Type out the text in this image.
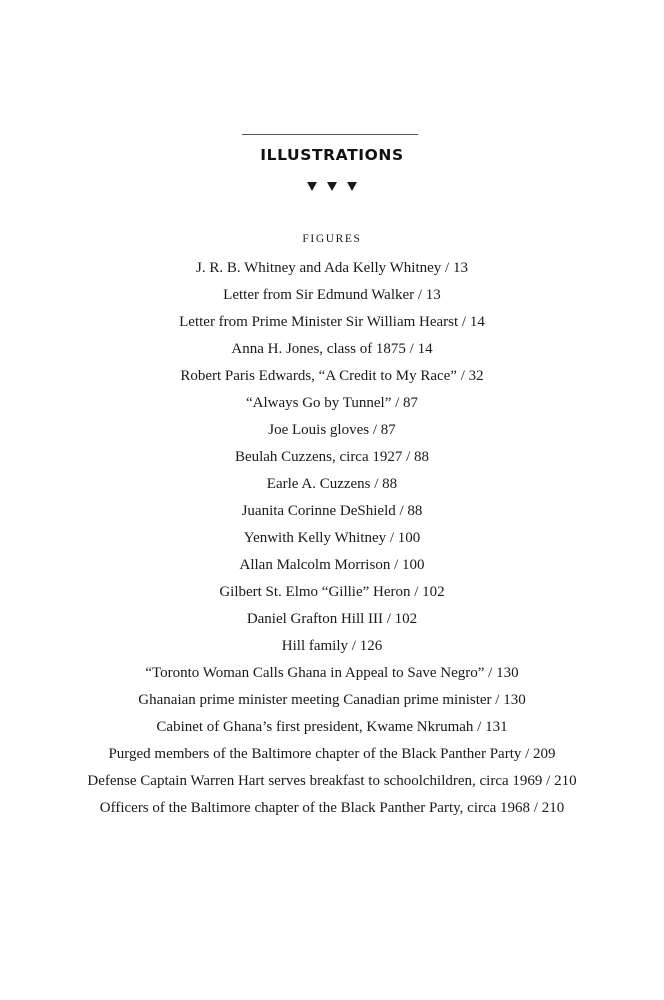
ILLUSTRATIONS
FIGURES
J. R. B. Whitney and Ada Kelly Whitney / 13
Letter from Sir Edmund Walker / 13
Letter from Prime Minister Sir William Hearst / 14
Anna H. Jones, class of 1875 / 14
Robert Paris Edwards, “A Credit to My Race” / 32
“Always Go by Tunnel” / 87
Joe Louis gloves / 87
Beulah Cuzzens, circa 1927 / 88
Earle A. Cuzzens / 88
Juanita Corinne DeShield / 88
Yenwith Kelly Whitney / 100
Allan Malcolm Morrison / 100
Gilbert St. Elmo “Gillie” Heron / 102
Daniel Grafton Hill III / 102
Hill family / 126
“Toronto Woman Calls Ghana in Appeal to Save Negro” / 130
Ghanaian prime minister meeting Canadian prime minister / 130
Cabinet of Ghana’s first president, Kwame Nkrumah / 131
Purged members of the Baltimore chapter of the Black Panther Party / 209
Defense Captain Warren Hart serves breakfast to schoolchildren, circa 1969 / 210
Officers of the Baltimore chapter of the Black Panther Party, circa 1968 / 210
